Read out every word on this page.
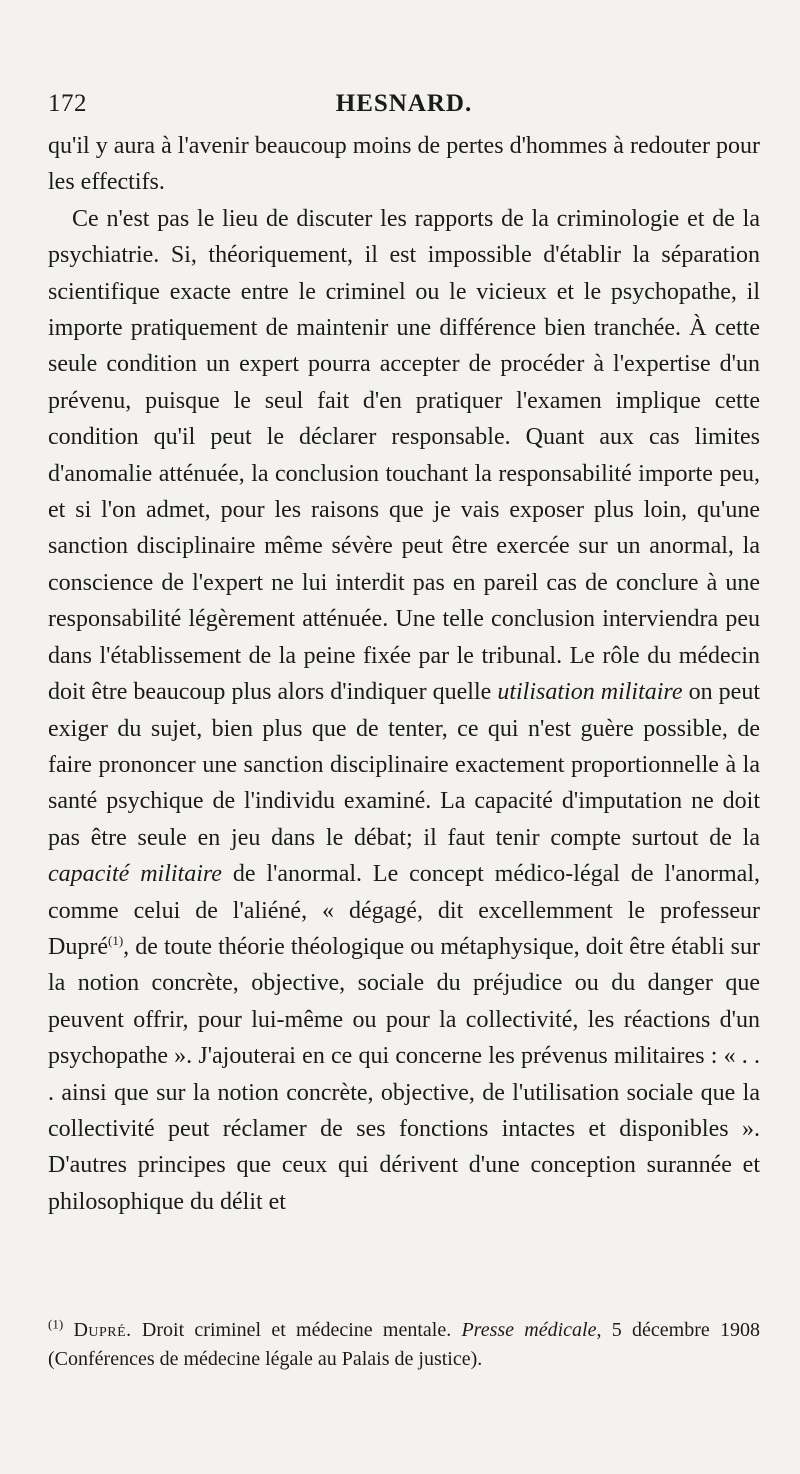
172	HESNARD.

qu'il y aura à l'avenir beaucoup moins de pertes d'hommes à redouter pour les effectifs.

Ce n'est pas le lieu de discuter les rapports de la criminologie et de la psychiatrie. Si, théoriquement, il est impossible d'établir la séparation scientifique exacte entre le criminel ou le vicieux et le psychopathe, il importe pratiquement de maintenir une différence bien tranchée. À cette seule condition un expert pourra accepter de procéder à l'expertise d'un prévenu, puisque le seul fait d'en pratiquer l'examen implique cette condition qu'il peut le déclarer responsable. Quant aux cas limites d'anomalie atténuée, la conclusion touchant la responsabilité importe peu, et si l'on admet, pour les raisons que je vais exposer plus loin, qu'une sanction disciplinaire même sévère peut être exercée sur un anormal, la conscience de l'expert ne lui interdit pas en pareil cas de conclure à une responsabilité légèrement atténuée. Une telle conclusion interviendra peu dans l'établissement de la peine fixée par le tribunal. Le rôle du médecin doit être beaucoup plus alors d'indiquer quelle utilisation militaire on peut exiger du sujet, bien plus que de tenter, ce qui n'est guère possible, de faire prononcer une sanction disciplinaire exactement proportionnelle à la santé psychique de l'individu examiné. La capacité d'imputation ne doit pas être seule en jeu dans le débat; il faut tenir compte surtout de la capacité militaire de l'anormal. Le concept médico-légal de l'anormal, comme celui de l'aliéné, « dégagé, dit excellemment le professeur Dupré$^{(1)}$, de toute théorie théologique ou métaphysique, doit être établi sur la notion concrète, objective, sociale du préjudice ou du danger que peuvent offrir, pour lui-même ou pour la collectivité, les réactions d'un psychopathe ». J'ajouterai en ce qui concerne les prévenus militaires : « . . . ainsi que sur la notion concrète, objective, de l'utilisation sociale que la collectivité peut réclamer de ses fonctions intactes et disponibles ». D'autres principes que ceux qui dérivent d'une conception surannée et philosophique du délit et

$^{(1)}$ Dupré. Droit criminel et médecine mentale. Presse médicale, 5 décembre 1908 (Conférences de médecine légale au Palais de justice).
